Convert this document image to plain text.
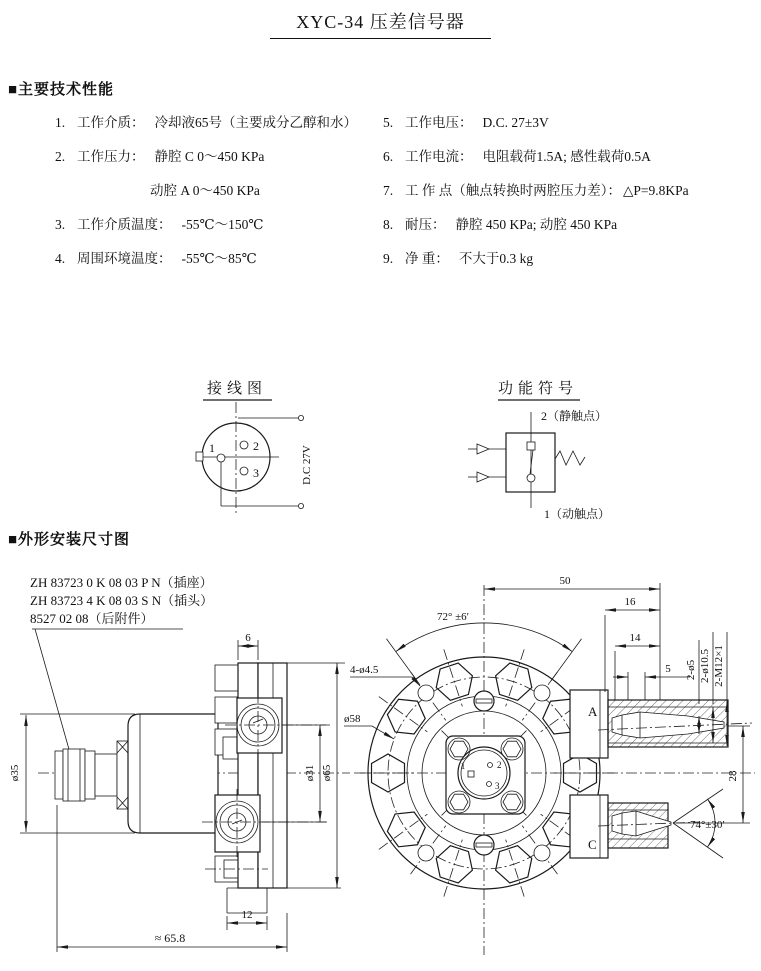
XYC-34 压差信号器
■主要技术性能
1. 工作介质： 冷却液65号（主要成分乙醇和水）
2. 工作压力： 静腔 C 0～450 KPa
动腔 A 0～450 KPa
3. 工作介质温度： -55℃～150℃
4. 周围环境温度： -55℃～85℃
5. 工作电压： D.C. 27±3V
6. 工作电流： 电阻载荷1.5A; 感性载荷0.5A
7. 工 作 点（触点转换时两腔压力差）： △P=9.8KPa
8. 耐压： 静腔 450 KPa; 动腔 450 KPa
9. 净 重： 不大于0.3 kg
接线图
1	2
3	D.C 27V
功能符号
2（静触点）
1（动触点）
■外形安装尺寸图
ZH 83723 0 K 08 03 P N（插座）
ZH 83723 4 K 08 03 S N（插头）
8527 02 08（后附件）
6
ø35	ø31 ø65
12
≈ 65.8
1	2
3
A
C
74°±30′
28
50
16
14
5 2-ø5 2-ø10.5 2-M12×1
72° ±6′
4-ø4.5
ø58
